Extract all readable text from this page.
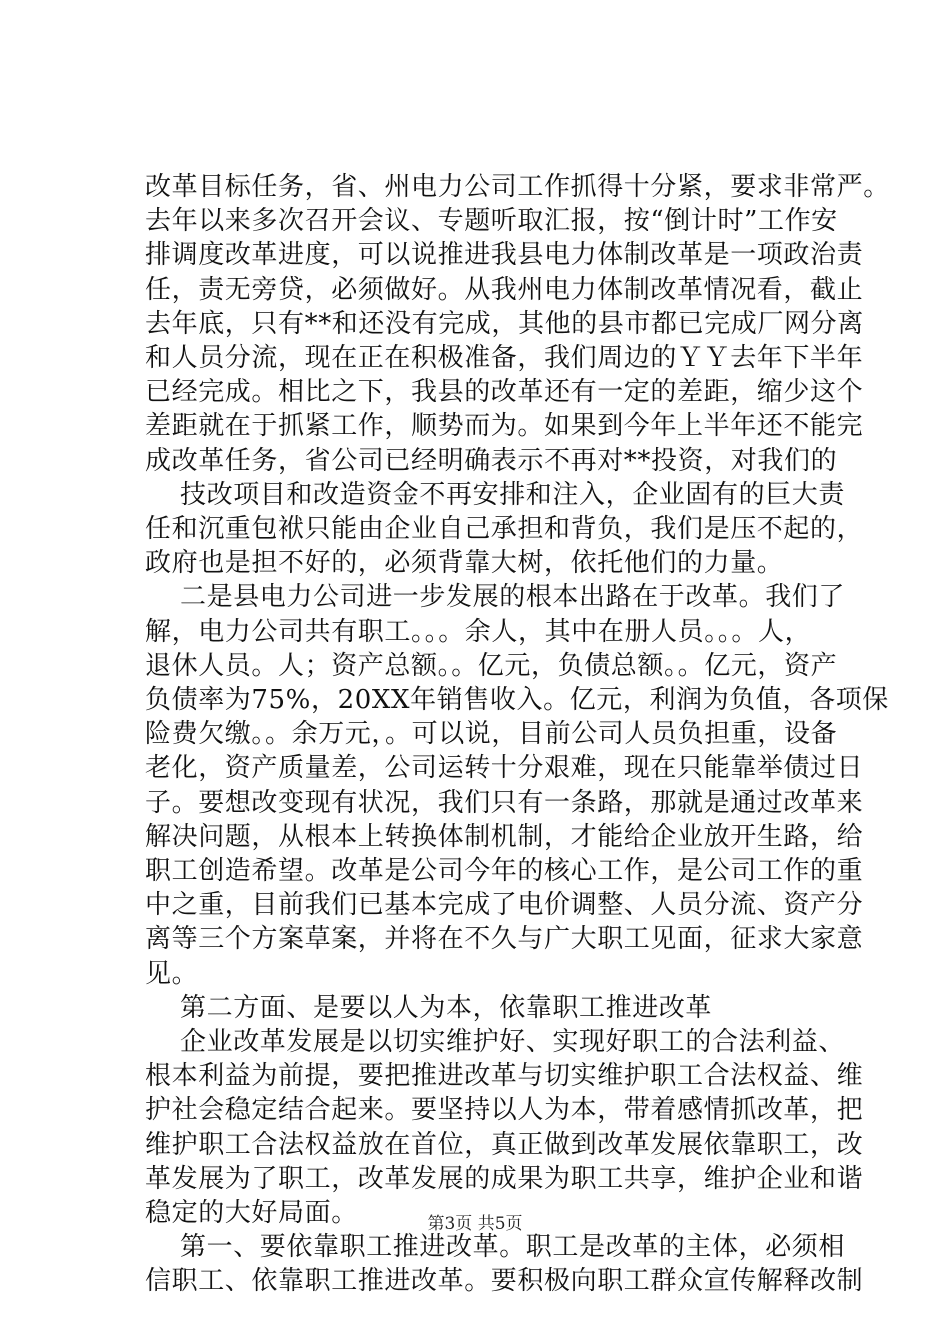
改革目标任务，省、州电力公司工作抓得十分紧，要求非常严。
去年以来多次召开会议、专题听取汇报，按“倒计时”工作安
排调度改革进度，可以说推进我县电力体制改革是一项政治责
任，责无旁贷，必须做好。从我州电力体制改革情况看，截止
去年底，只有**和还没有完成，其他的县市都已完成厂网分离
和人员分流，现在正在积极准备，我们周边的ＹＹ去年下半年
已经完成。相比之下，我县的改革还有一定的差距，缩少这个
差距就在于抓紧工作，顺势而为。如果到今年上半年还不能完
成改革任务，省公司已经明确表示不再对**投资，对我们的
技改项目和改造资金不再安排和注入，企业固有的巨大责
任和沉重包袱只能由企业自己承担和背负，我们是压不起的，
政府也是担不好的，必须背靠大树，依托他们的力量。
二是县电力公司进一步发展的根本出路在于改革。我们了
解，电力公司共有职工。。。余人，其中在册人员。。。人，
退休人员。人；资产总额。。亿元，负债总额。。亿元，资产
负债率为75%，20XX年销售收入。亿元，利润为负值，各项保
险费欠缴。。余万元，。可以说，目前公司人员负担重，设备
老化，资产质量差，公司运转十分艰难，现在只能靠举债过日
子。要想改变现有状况，我们只有一条路，那就是通过改革来
解决问题，从根本上转换体制机制，才能给企业放开生路，给
职工创造希望。改革是公司今年的核心工作，是公司工作的重
中之重，目前我们已基本完成了电价调整、人员分流、资产分
离等三个方案草案，并将在不久与广大职工见面，征求大家意
见。
第二方面、是要以人为本，依靠职工推进改革
企业改革发展是以切实维护好、实现好职工的合法利益、
根本利益为前提，要把推进改革与切实维护职工合法权益、维
护社会稳定结合起来。要坚持以人为本，带着感情抓改革，把
维护职工合法权益放在首位，真正做到改革发展依靠职工，改
革发展为了职工，改革发展的成果为职工共享，维护企业和谐
稳定的大好局面。
第一、要依靠职工推进改革。职工是改革的主体，必须相
信职工、依靠职工推进改革。要积极向职工群众宣传解释改制
第3页 共5页
